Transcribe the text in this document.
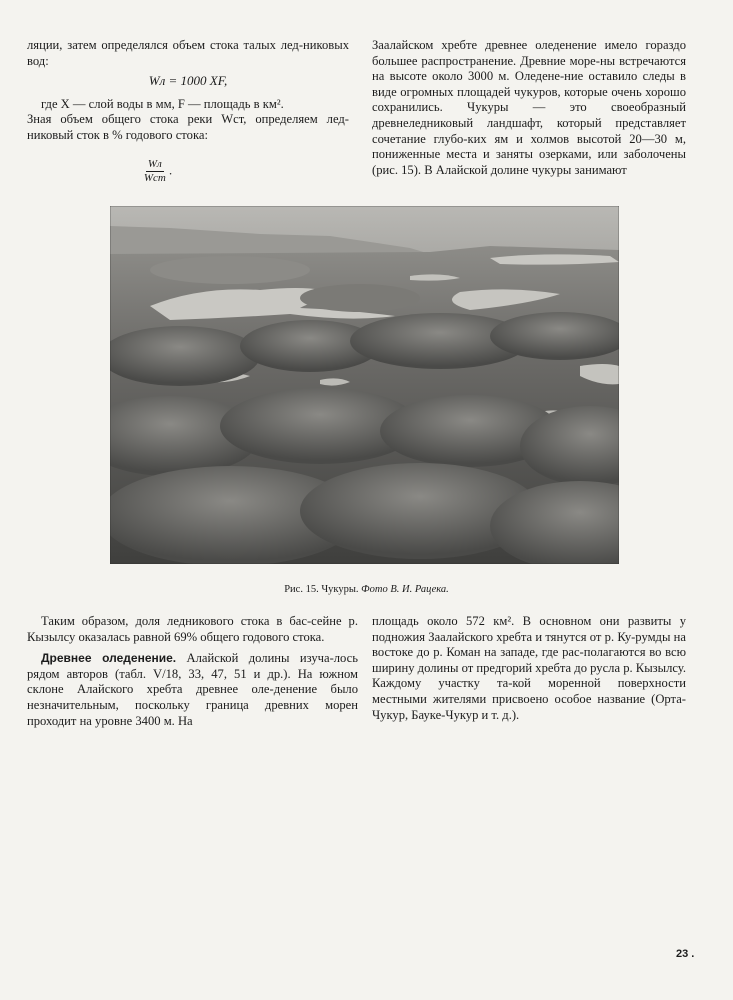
ляции, затем определялся объем стока талых лед-никовых вод:

Wл = 1000 XF,

где X — слой воды в мм, F — площадь в км².

Зная объем общего стока реки Wст, определяем лед-никовый сток в % годового стока:

$\frac{Wл}{\text{Wст}}$ .

Заалайском хребте древнее оледенение имело гораздо большее распространение. Древние море-ны встречаются на высоте около 3000 м. Оледене-ние оставило следы в виде огромных площадей чукуров, которые очень хорошо сохранились. Чукуры — это своеобразный древнеледниковый ландшафт, который представляет сочетание глубо-ких ям и холмов высотой 20—30 м, пониженные места и заняты озерками, или заболочены (рис. 15). В Алайской долине чукуры занимают

Рис. 15. Чукуры. Фото В. И. Рацека.

Таким образом, доля ледникового стока в бас-сейне р. Кызылсу оказалась равной 69% общего годового стока.

Древнее оледенение. Алайской долины изуча-лось рядом авторов (табл. V/18, 33, 47, 51 и др.). На южном склоне Алайского хребта древнее оле-денение было незначительным, поскольку граница древних морен проходит на уровне 3400 м. На

площадь около 572 км². В основном они развиты у подножия Заалайского хребта и тянутся от р. Ку-румды на востоке до р. Коман на западе, где рас-полагаются во всю ширину долины от предгорий хребта до русла р. Кызылсу. Каждому участку та-кой моренной поверхности местными жителями присвоено особое название (Орта-Чукур, Бауке-Чукур и т. д.).

23 .
